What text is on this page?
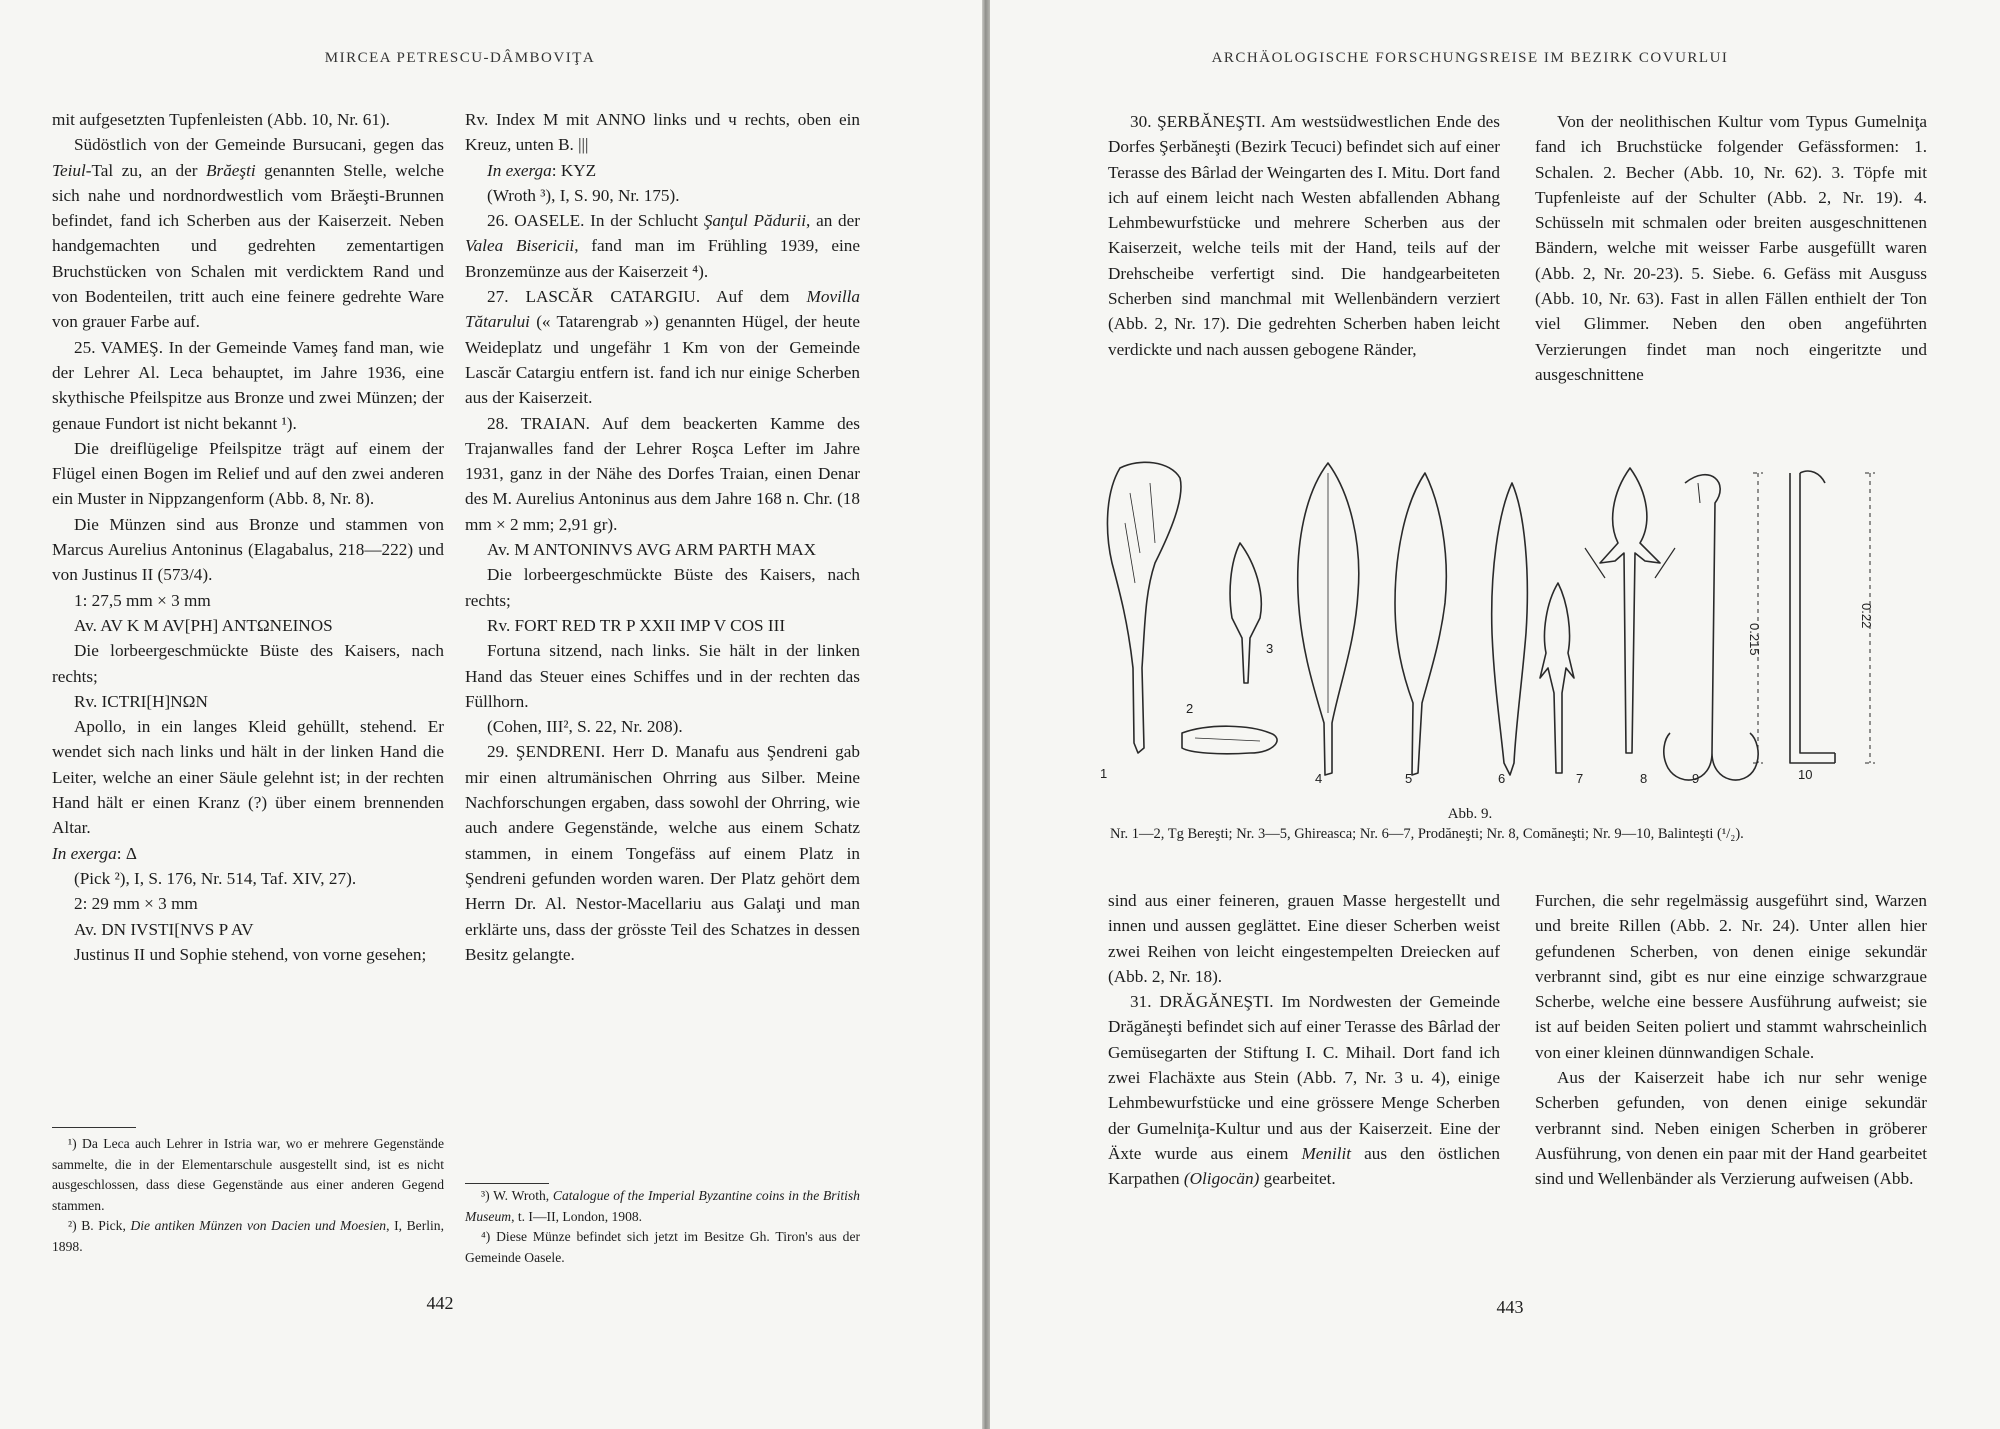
MIRCEA PETRESCU-DÂMBOVIŢA

mit aufgesetzten Tupfenleisten (Abb. 10, Nr. 61).

Südöstlich von der Gemeinde Bursucani, gegen das Teiul-Tal zu, an der Brăeşti genannten Stelle, welche sich nahe und nordnordwestlich vom Brăeşti-Brunnen befindet, fand ich Scherben aus der Kaiserzeit. Neben handgemachten und gedrehten zementartigen Bruchstücken von Schalen mit verdicktem Rand und von Bodenteilen, tritt auch eine feinere gedrehte Ware von grauer Farbe auf.

25. VAMEŞ. In der Gemeinde Vameş fand man, wie der Lehrer Al. Leca behauptet, im Jahre 1936, eine skythische Pfeilspitze aus Bronze und zwei Münzen; der genaue Fundort ist nicht bekannt ¹).

Die dreiflügelige Pfeilspitze trägt auf einem der Flügel einen Bogen im Relief und auf den zwei anderen ein Muster in Nippzangenform (Abb. 8, Nr. 8).

Die Münzen sind aus Bronze und stammen von Marcus Aurelius Antoninus (Elagabalus, 218—222) und von Justinus II (573/4).

1: 27,5 mm × 3 mm

Av. AV K M AV[PH] ANTΩNEINOS

Die lorbeergeschmückte Büste des Kaisers, nach rechts;

Rv. ICTRI[H]NΩN

Apollo, in ein langes Kleid gehüllt, stehend. Er wendet sich nach links und hält in der linken Hand die Leiter, welche an einer Säule gelehnt ist; in der rechten Hand hält er einen Kranz (?) über einem brennenden Altar.

In exerga: Δ

(Pick ²), I, S. 176, Nr. 514, Taf. XIV, 27).

2: 29 mm × 3 mm

Av. DN IVSTI[NVS P AV

Justinus II und Sophie stehend, von vorne gesehen;

¹) Da Leca auch Lehrer in Istria war, wo er mehrere Gegenstände sammelte, die in der Elementarschule ausgestellt sind, ist es nicht ausgeschlossen, dass diese Gegenstände aus einer anderen Gegend stammen.

²) B. Pick, Die antiken Münzen von Dacien und Moesien, I, Berlin, 1898.

Rv. Index M mit ANNO links und ч rechts, oben ein Kreuz, unten B. |||

In exerga: KYZ

(Wroth ³), I, S. 90, Nr. 175).

26. OASELE. In der Schlucht Şanţul Pădurii, an der Valea Bisericii, fand man im Frühling 1939, eine Bronzemünze aus der Kaiserzeit ⁴).

27. LASCĂR CATARGIU. Auf dem Movilla Tătarului (« Tatarengrab ») genannten Hügel, der heute Weideplatz und ungefähr 1 Km von der Gemeinde Lascăr Catargiu entfern ist. fand ich nur einige Scherben aus der Kaiserzeit.

28. TRAIAN. Auf dem beackerten Kamme des Trajanwalles fand der Lehrer Roşca Lefter im Jahre 1931, ganz in der Nähe des Dorfes Traian, einen Denar des M. Aurelius Antoninus aus dem Jahre 168 n. Chr. (18 mm × 2 mm; 2,91 gr).

Av. M ANTONINVS AVG ARM PARTH MAX

Die lorbeergeschmückte Büste des Kaisers, nach rechts;

Rv. FORT RED TR P XXII IMP V COS III

Fortuna sitzend, nach links. Sie hält in der linken Hand das Steuer eines Schiffes und in der rechten das Füllhorn.

(Cohen, III², S. 22, Nr. 208).

29. ŞENDRENI. Herr D. Manafu aus Şendreni gab mir einen altrumänischen Ohrring aus Silber. Meine Nachforschungen ergaben, dass sowohl der Ohrring, wie auch andere Gegenstände, welche aus einem Schatz stammen, in einem Tongefäss auf einem Platz in Şendreni gefunden worden waren. Der Platz gehört dem Herrn Dr. Al. Nestor-Macellariu aus Galaţi und man erklärte uns, dass der grösste Teil des Schatzes in dessen Besitz gelangte.

³) W. Wroth, Catalogue of the Imperial Byzantine coins in the British Museum, t. I—II, London, 1908.

⁴) Diese Münze befindet sich jetzt im Besitze Gh. Tiron's aus der Gemeinde Oasele.

442

ARCHÄOLOGISCHE FORSCHUNGSREISE IM BEZIRK COVURLUI

30. ŞERBĂNEŞTI. Am westsüdwestlichen Ende des Dorfes Şerbăneşti (Bezirk Tecuci) befindet sich auf einer Terasse des Bârlad der Weingarten des I. Mitu. Dort fand ich auf einem leicht nach Westen abfallenden Abhang Lehmbewurfstücke und mehrere Scherben aus der Kaiserzeit, welche teils mit der Hand, teils auf der Drehscheibe verfertigt sind. Die handgearbeiteten Scherben sind manchmal mit Wellenbändern verziert (Abb. 2, Nr. 17). Die gedrehten Scherben haben leicht verdickte und nach aussen gebogene Ränder,

Von der neolithischen Kultur vom Typus Gumelniţa fand ich Bruchstücke folgender Gefässformen: 1. Schalen. 2. Becher (Abb. 10, Nr. 62). 3. Töpfe mit Tupfenleiste auf der Schulter (Abb. 2, Nr. 19). 4. Schüsseln mit schmalen oder breiten ausgeschnittenen Bändern, welche mit weisser Farbe ausgefüllt waren (Abb. 2, Nr. 20-23). 5. Siebe. 6. Gefäss mit Ausguss (Abb. 10, Nr. 63). Fast in allen Fällen enthielt der Ton viel Glimmer. Neben den oben angeführten Verzierungen findet man noch eingeritzte und ausgeschnittene

0.215
0.22
1
2
3
4	5	6	7	8	9	10

Abb. 9.

Nr. 1—2, Tg Bereşti; Nr. 3—5, Ghireasca; Nr. 6—7, Prodăneşti; Nr. 8, Comăneşti; Nr. 9—10, Balinteşti (¹/₂).

sind aus einer feineren, grauen Masse hergestellt und innen und aussen geglättet. Eine dieser Scherben weist zwei Reihen von leicht eingestempelten Dreiecken auf (Abb. 2, Nr. 18).

31. DRĂGĂNEŞTI. Im Nordwesten der Gemeinde Drăgăneşti befindet sich auf einer Terasse des Bârlad der Gemüsegarten der Stiftung I. C. Mihail. Dort fand ich zwei Flachäxte aus Stein (Abb. 7, Nr. 3 u. 4), einige Lehmbewurfstücke und eine grössere Menge Scherben der Gumelniţa-Kultur und aus der Kaiserzeit. Eine der Äxte wurde aus einem Menilit aus den östlichen Karpathen (Oligocän) gearbeitet.

Furchen, die sehr regelmässig ausgeführt sind, Warzen und breite Rillen (Abb. 2. Nr. 24). Unter allen hier gefundenen Scherben, von denen einige sekundär verbrannt sind, gibt es nur eine einzige schwarzgraue Scherbe, welche eine bessere Ausführung aufweist; sie ist auf beiden Seiten poliert und stammt wahrscheinlich von einer kleinen dünnwandigen Schale.

Aus der Kaiserzeit habe ich nur sehr wenige Scherben gefunden, von denen einige sekundär verbrannt sind. Neben einigen Scherben in gröberer Ausführung, von denen ein paar mit der Hand gearbeitet sind und Wellenbänder als Verzierung aufweisen (Abb.

443
